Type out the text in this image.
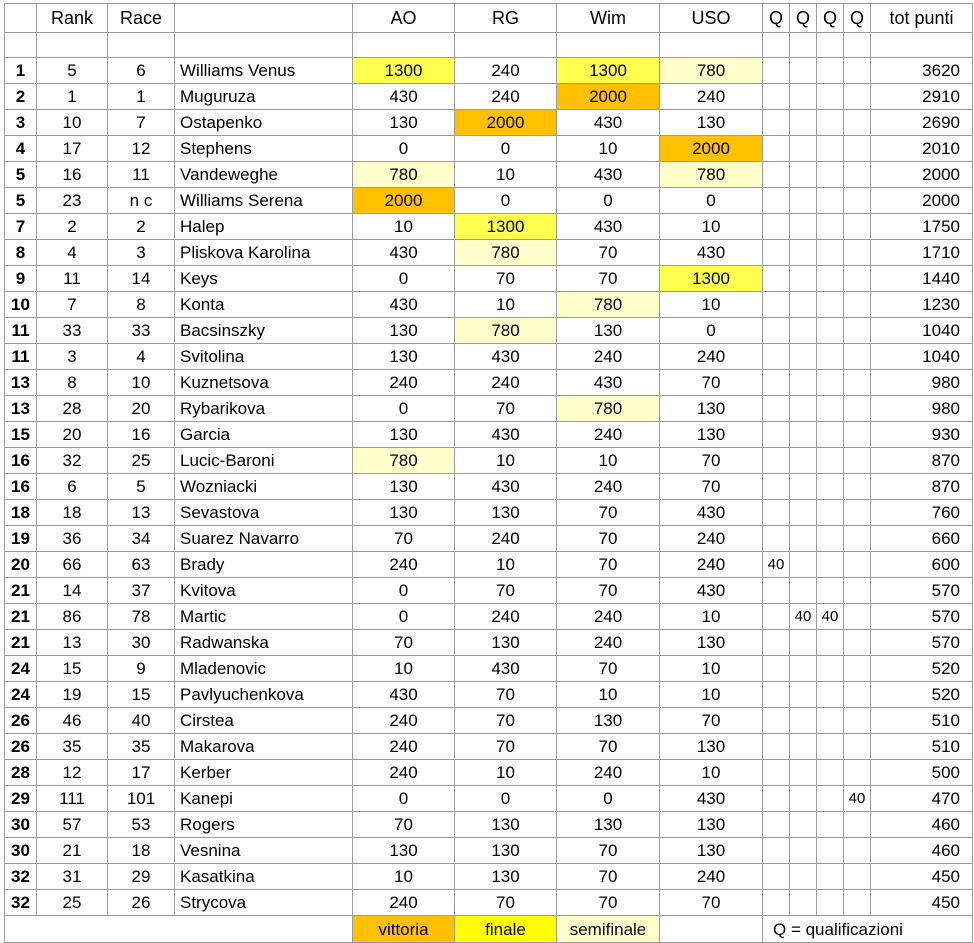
	Rank	Race		AO	RG	Wim	USO	Q	Q	Q	Q	tot punti

1	5	6	Williams Venus	1300	240	1300	780					3620
2	1	1	Muguruza	430	240	2000	240					2910
3	10	7	Ostapenko	130	2000	430	130					2690
4	17	12	Stephens	0	0	10	2000					2010
5	16	11	Vandeweghe	780	10	430	780					2000
5	23	n c	Williams Serena	2000	0	0	0					2000
7	2	2	Halep	10	1300	430	10					1750
8	4	3	Pliskova Karolina	430	780	70	430					1710
9	11	14	Keys	0	70	70	1300					1440
10	7	8	Konta	430	10	780	10					1230
11	33	33	Bacsinszky	130	780	130	0					1040
11	3	4	Svitolina	130	430	240	240					1040
13	8	10	Kuznetsova	240	240	430	70					980
13	28	20	Rybarikova	0	70	780	130					980
15	20	16	Garcia	130	430	240	130					930
16	32	25	Lucic-Baroni	780	10	10	70					870
16	6	5	Wozniacki	130	430	240	70					870
18	18	13	Sevastova	130	130	70	430					760
19	36	34	Suarez Navarro	70	240	70	240					660
20	66	63	Brady	240	10	70	240	40				600
21	14	37	Kvitova	0	70	70	430					570
21	86	78	Martic	0	240	240	10		40	40		570
21	13	30	Radwanska	70	130	240	130					570
24	15	9	Mladenovic	10	430	70	10					520
24	19	15	Pavlyuchenkova	430	70	10	10					520
26	46	40	Cirstea	240	70	130	70					510
26	35	35	Makarova	240	70	70	130					510
28	12	17	Kerber	240	10	240	10					500
29	111	101	Kanepi	0	0	0	430				40	470
30	57	53	Rogers	70	130	130	130					460
30	21	18	Vesnina	130	130	70	130					460
32	31	29	Kasatkina	10	130	70	240					450
32	25	26	Strycova	240	70	70	70					450
				vittoria	finale	semifinale		Q = qualificazioni				
